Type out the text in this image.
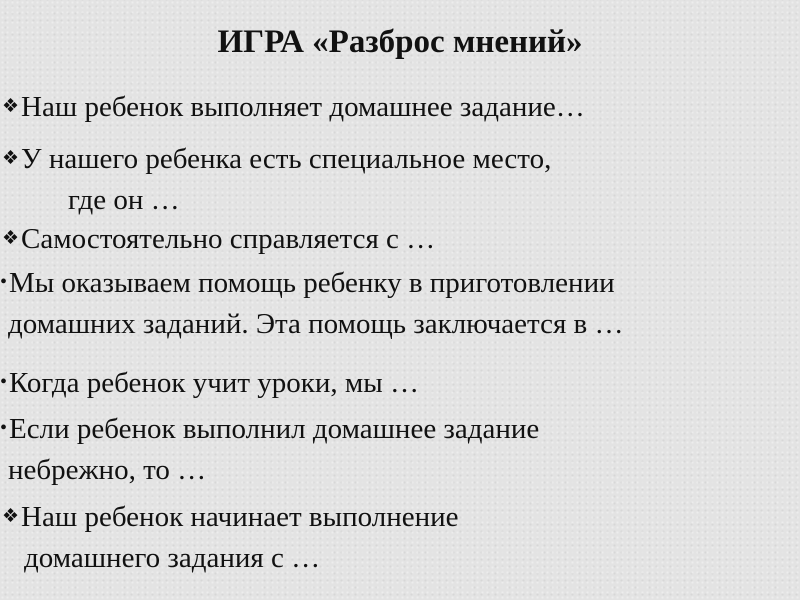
ИГРА «Разброс мнений»
❖Наш ребенок выполняет домашнее задание…
❖У нашего ребенка есть специальное место,
где он …
❖Самостоятельно справляется с …
•Мы оказываем помощь ребенку в приготовлении
домашних заданий. Эта помощь заключается в …
•Когда ребенок учит уроки, мы …
•Если ребенок выполнил домашнее задание
небрежно, то …
❖Наш ребенок начинает выполнение
домашнего задания с …
